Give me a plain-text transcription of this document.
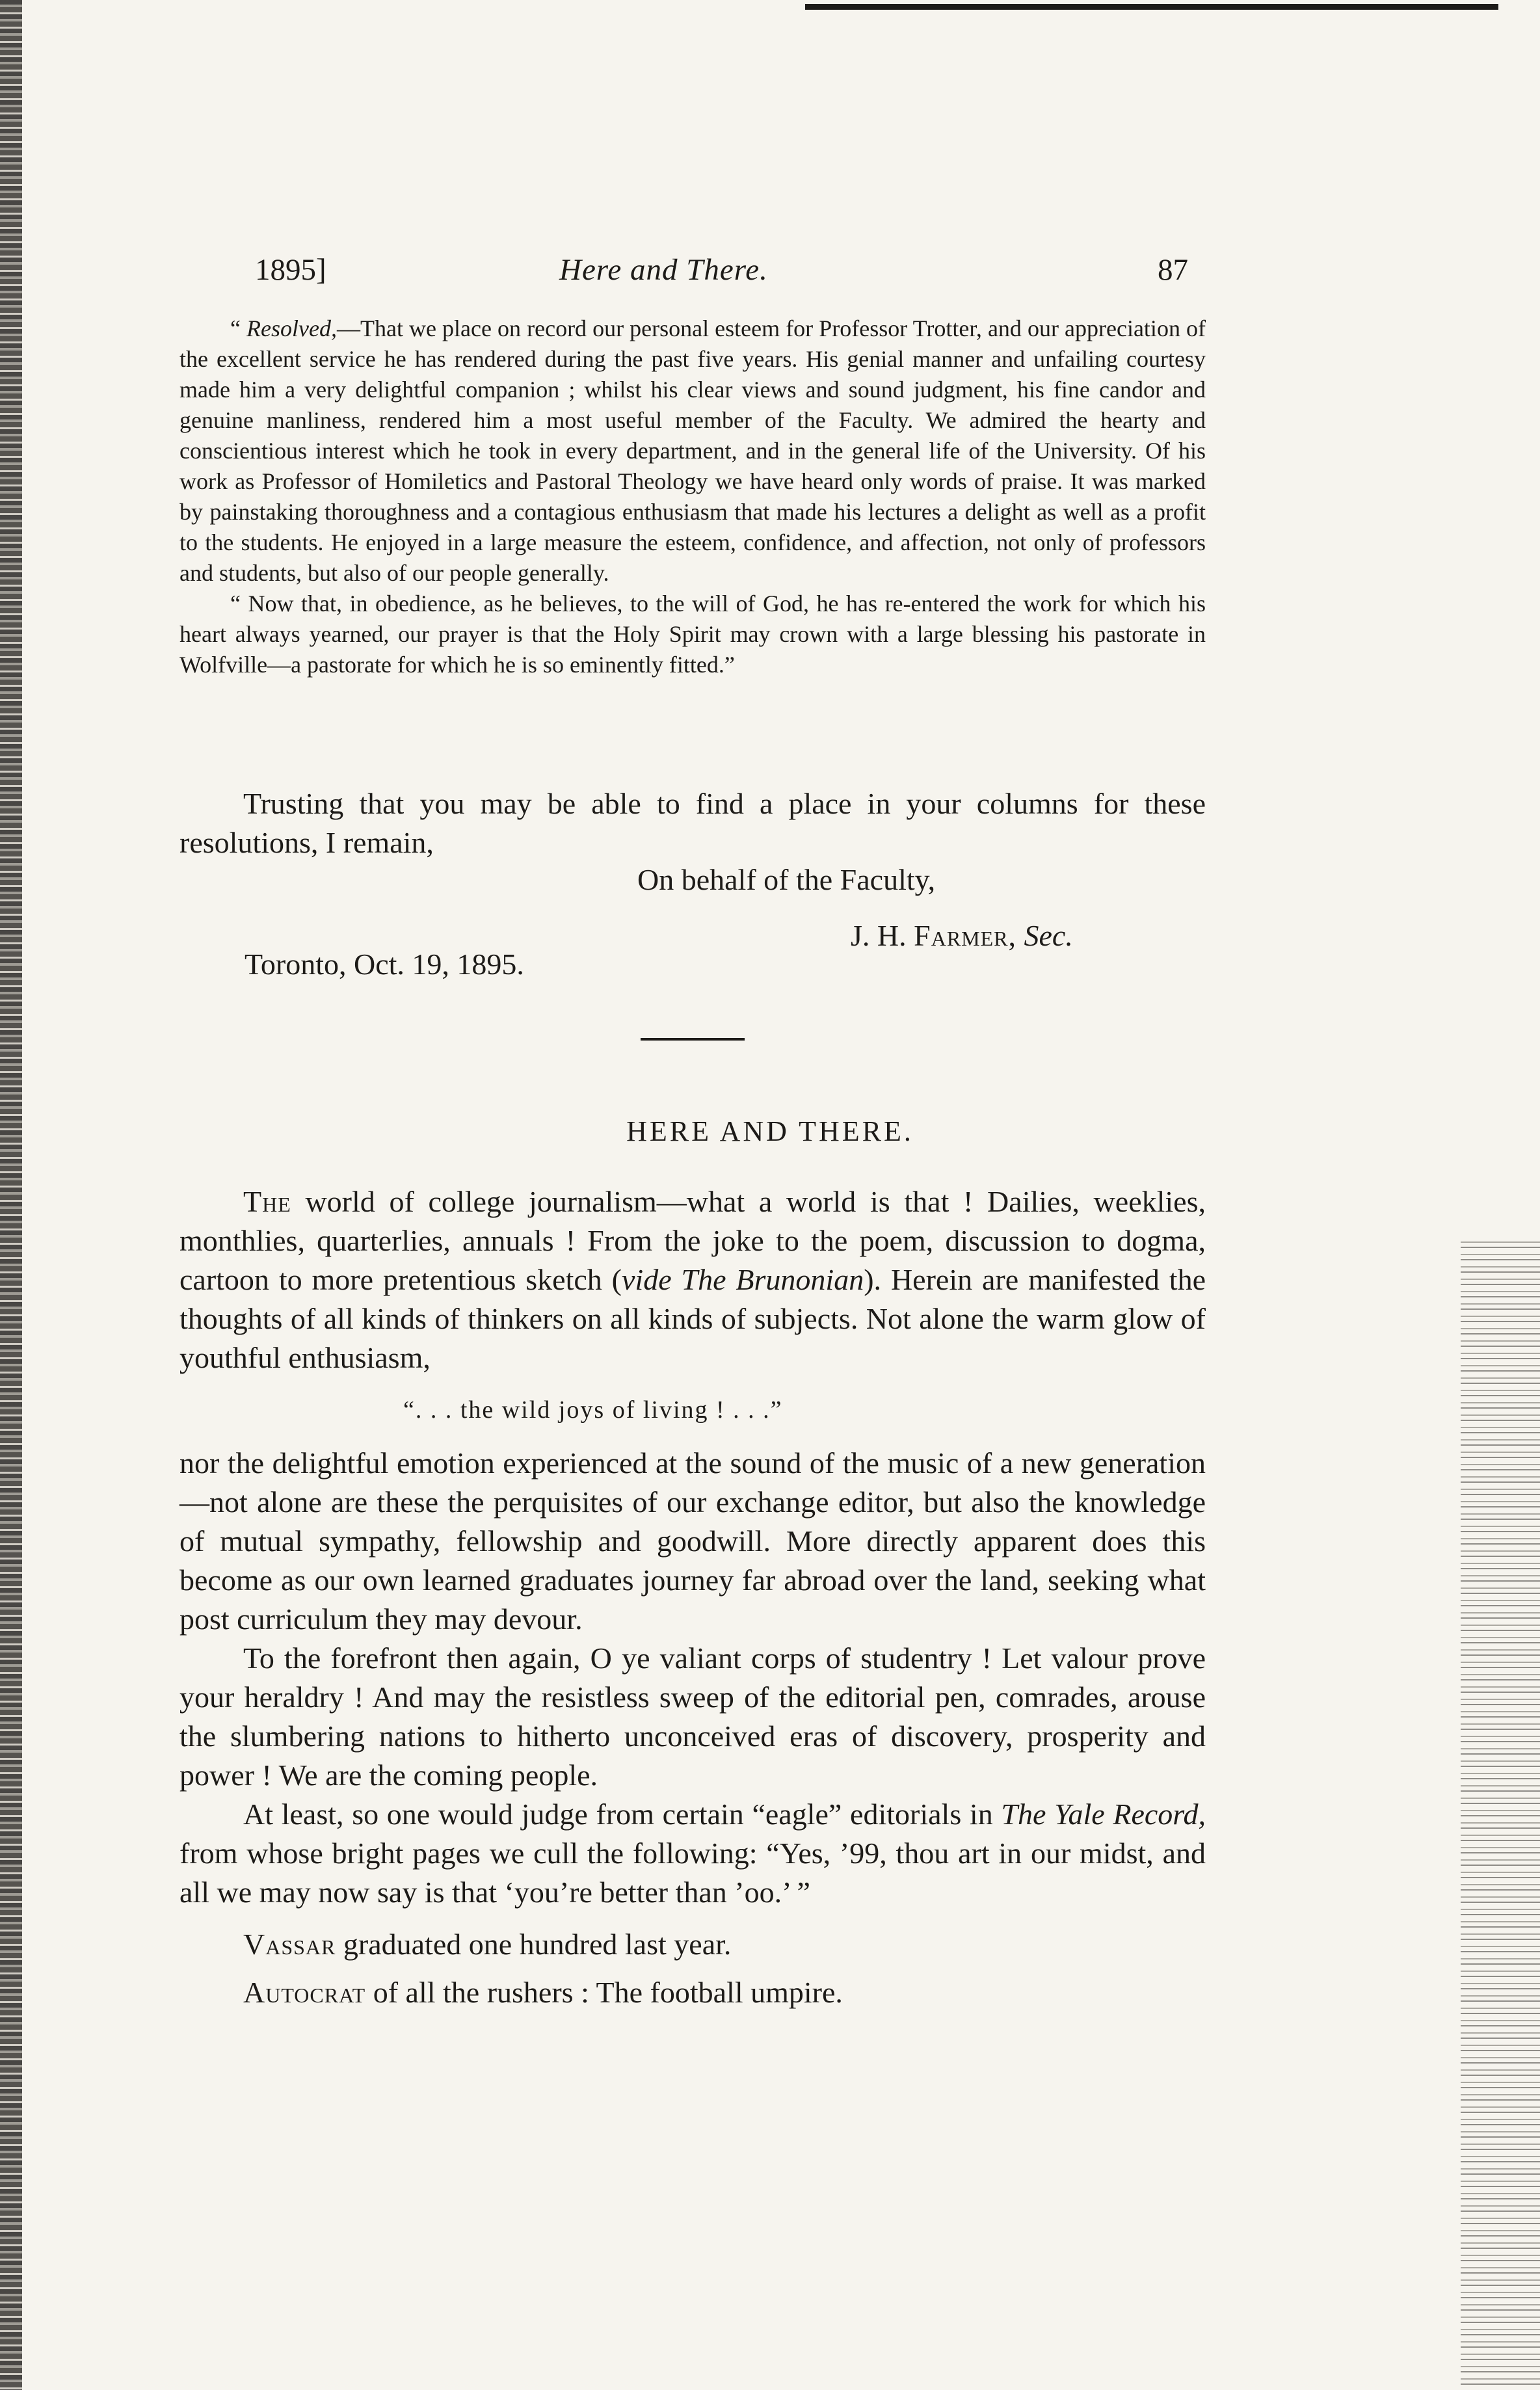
1895]	Here and There.	87

“ Resolved,—That we place on record our personal esteem for Professor Trotter, and our appreciation of the excellent service he has rendered during the past five years. His genial manner and unfailing courtesy made him a very delightful companion ; whilst his clear views and sound judgment, his fine candor and genuine manliness, rendered him a most useful member of the Faculty. We admired the hearty and conscientious interest which he took in every department, and in the general life of the University. Of his work as Professor of Homiletics and Pastoral Theology we have heard only words of praise. It was marked by painstaking thoroughness and a contagious enthusiasm that made his lectures a delight as well as a profit to the students. He enjoyed in a large measure the esteem, confidence, and affection, not only of professors and students, but also of our people generally.

“ Now that, in obedience, as he believes, to the will of God, he has re-entered the work for which his heart always yearned, our prayer is that the Holy Spirit may crown with a large blessing his pastorate in Wolfville—a pastorate for which he is so eminently fitted.”

Trusting that you may be able to find a place in your columns for these resolutions, I remain,

On behalf of the Faculty,
J. H. Farmer, Sec.
Toronto, Oct. 19, 1895.
HERE AND THERE.

The world of college journalism—what a world is that ! Dailies, weeklies, monthlies, quarterlies, annuals ! From the joke to the poem, discussion to dogma, cartoon to more pretentious sketch (vide The Brunonian). Herein are manifested the thoughts of all kinds of thinkers on all kinds of subjects. Not alone the warm glow of youthful enthusiasm,

“. . . the wild joys of living ! . . .”

nor the delightful emotion experienced at the sound of the music of a new generation—not alone are these the perquisites of our exchange editor, but also the knowledge of mutual sympathy, fellowship and goodwill. More directly apparent does this become as our own learned graduates journey far abroad over the land, seeking what post curriculum they may devour.

To the forefront then again, O ye valiant corps of studentry ! Let valour prove your heraldry ! And may the resistless sweep of the editorial pen, comrades, arouse the slumbering nations to hitherto unconceived eras of discovery, prosperity and power ! We are the coming people.

At least, so one would judge from certain “eagle” editorials in The Yale Record, from whose bright pages we cull the following: “Yes, ’99, thou art in our midst, and all we may now say is that ‘you’re better than ’oo.’ ”

Vassar graduated one hundred last year.

Autocrat of all the rushers : The football umpire.
